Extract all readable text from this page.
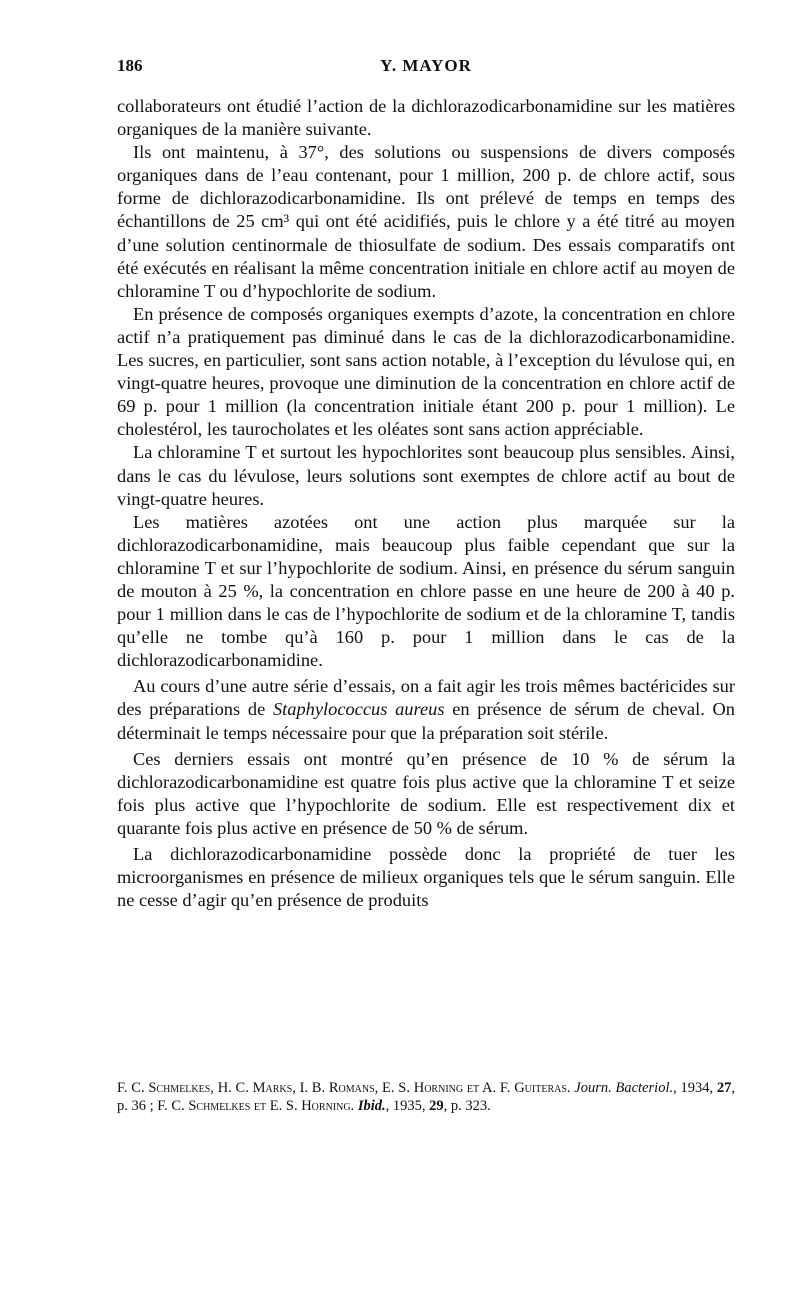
186	Y. MAYOR

collaborateurs ont étudié l’action de la dichlorazodicarbonamidine sur les matières organiques de la manière suivante.

Ils ont maintenu, à 37°, des solutions ou suspensions de divers composés organiques dans de l’eau contenant, pour 1 million, 200 p. de chlore actif, sous forme de dichlorazodicarbonamidine. Ils ont prélevé de temps en temps des échantillons de 25 cm³ qui ont été acidifiés, puis le chlore y a été titré au moyen d’une solution centinormale de thiosulfate de sodium. Des essais comparatifs ont été exécutés en réalisant la même concentration initiale en chlore actif au moyen de chloramine T ou d’hypochlorite de sodium.

En présence de composés organiques exempts d’azote, la concentration en chlore actif n’a pratiquement pas diminué dans le cas de la dichlorazodicarbonamidine. Les sucres, en particulier, sont sans action notable, à l’exception du lévulose qui, en vingt-quatre heures, provoque une diminution de la concentration en chlore actif de 69 p. pour 1 million (la concentration initiale étant 200 p. pour 1 million). Le cholestérol, les taurocholates et les oléates sont sans action appréciable.

La chloramine T et surtout les hypochlorites sont beaucoup plus sensibles. Ainsi, dans le cas du lévulose, leurs solutions sont exemptes de chlore actif au bout de vingt-quatre heures.

Les matières azotées ont une action plus marquée sur la dichlorazodicarbonamidine, mais beaucoup plus faible cependant que sur la chloramine T et sur l’hypochlorite de sodium. Ainsi, en présence du sérum sanguin de mouton à 25 %, la concentration en chlore passe en une heure de 200 à 40 p. pour 1 million dans le cas de l’hypochlorite de sodium et de la chloramine T, tandis qu’elle ne tombe qu’à 160 p. pour 1 million dans le cas de la dichlorazodicarbonamidine.

Au cours d’une autre série d’essais, on a fait agir les trois mêmes bactéricides sur des préparations de Staphylococcus aureus en présence de sérum de cheval. On déterminait le temps nécessaire pour que la préparation soit stérile.

Ces derniers essais ont montré qu’en présence de 10 % de sérum la dichlorazodicarbonamidine est quatre fois plus active que la chloramine T et seize fois plus active que l’hypochlorite de sodium. Elle est respectivement dix et quarante fois plus active en présence de 50 % de sérum.

La dichlorazodicarbonamidine possède donc la propriété de tuer les microorganismes en présence de milieux organiques tels que le sérum sanguin. Elle ne cesse d’agir qu’en présence de produits

F. C. Schmelkes, H. C. Marks, I. B. Romans, E. S. Horning et A. F. Guiteras. Journ. Bacteriol., 1934, 27, p. 36 ; F. C. Schmelkes et E. S. Horning. Ibid., 1935, 29, p. 323.
